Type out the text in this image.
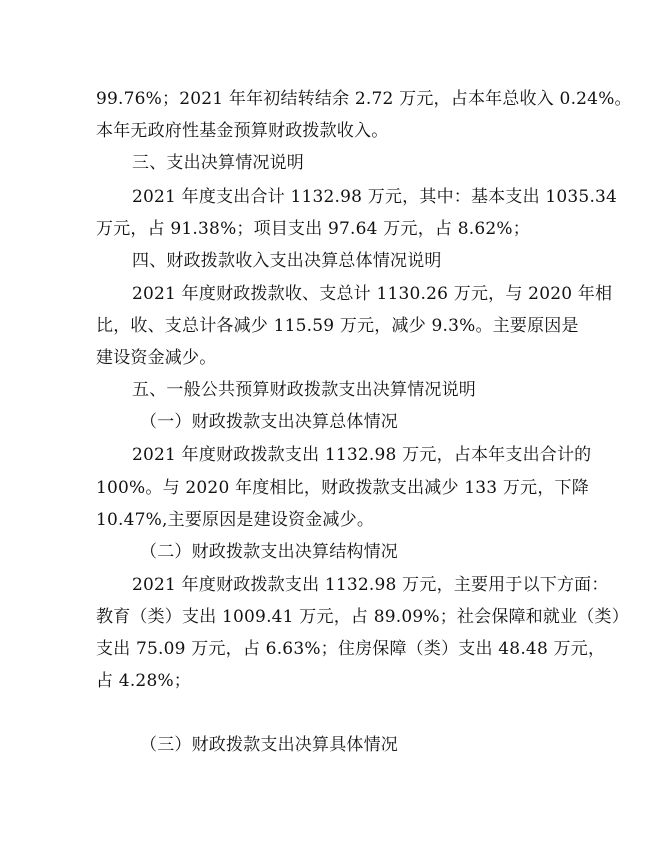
99.76%；2021 年年初结转结余 2.72 万元，占本年总收入 0.24%。
本年无政府性基金预算财政拨款收入。
三、支出决算情况说明
2021 年度支出合计 1132.98 万元，其中：基本支出 1035.34
万元，占 91.38%；项目支出 97.64 万元，占 8.62%；
四、财政拨款收入支出决算总体情况说明
2021 年度财政拨款收、支总计 1130.26 万元，与 2020 年相
比，收、支总计各减少 115.59 万元，减少 9.3%。主要原因是
建设资金减少。
五、一般公共预算财政拨款支出决算情况说明
（一）财政拨款支出决算总体情况
2021 年度财政拨款支出 1132.98 万元，占本年支出合计的
100%。与 2020 年度相比，财政拨款支出减少 133 万元，下降
10.47%,主要原因是建设资金减少。
（二）财政拨款支出决算结构情况
2021 年度财政拨款支出 1132.98 万元，主要用于以下方面：
教育（类）支出 1009.41 万元，占 89.09%；社会保障和就业（类）
支出 75.09 万元，占 6.63%；住房保障（类）支出 48.48 万元，
占 4.28%；
（三）财政拨款支出决算具体情况
